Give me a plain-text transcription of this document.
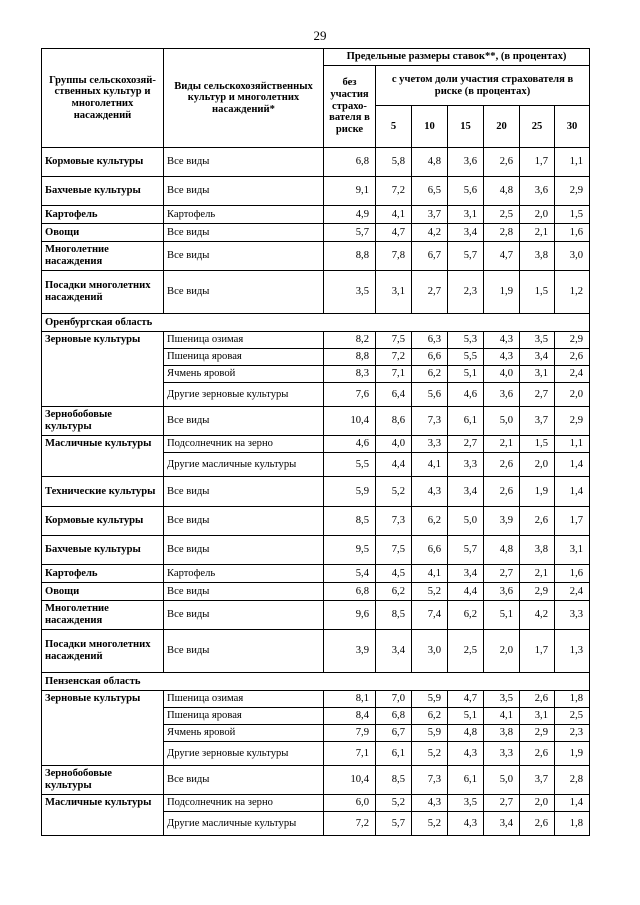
29
Группы сельскохозяй-ственных культур и многолетних насаждений	Виды сельскохозяйственных культур и многолетних насаждений*	Предельные размеры ставок**, (в процентах)						
		без участия страхо-вателя в риске	с учетом доли участия страхователя в риске (в процентах)					
			5	10	15	20	25	30
Кормовые культуры	Все виды	6,8	5,8	4,8	3,6	2,6	1,7	1,1
Бахчевые культуры	Все виды	9,1	7,2	6,5	5,6	4,8	3,6	2,9
Картофель	Картофель	4,9	4,1	3,7	3,1	2,5	2,0	1,5
Овощи	Все виды	5,7	4,7	4,2	3,4	2,8	2,1	1,6
Многолетние насаждения	Все виды	8,8	7,8	6,7	5,7	4,7	3,8	3,0
Посадки многолетних насаждений	Все виды	3,5	3,1	2,7	2,3	1,9	1,5	1,2
Оренбургская область								
Зерновые культуры	Пшеница озимая	8,2	7,5	6,3	5,3	4,3	3,5	2,9
	Пшеница яровая	8,8	7,2	6,6	5,5	4,3	3,4	2,6
	Ячмень яровой	8,3	7,1	6,2	5,1	4,0	3,1	2,4
	Другие зерновые культуры	7,6	6,4	5,6	4,6	3,6	2,7	2,0
Зернобобовые культуры	Все виды	10,4	8,6	7,3	6,1	5,0	3,7	2,9
Масличные культуры	Подсолнечник на зерно	4,6	4,0	3,3	2,7	2,1	1,5	1,1
	Другие масличные культуры	5,5	4,4	4,1	3,3	2,6	2,0	1,4
Технические культуры	Все виды	5,9	5,2	4,3	3,4	2,6	1,9	1,4
Кормовые культуры	Все виды	8,5	7,3	6,2	5,0	3,9	2,6	1,7
Бахчевые культуры	Все виды	9,5	7,5	6,6	5,7	4,8	3,8	3,1
Картофель	Картофель	5,4	4,5	4,1	3,4	2,7	2,1	1,6
Овощи	Все виды	6,8	6,2	5,2	4,4	3,6	2,9	2,4
Многолетние насаждения	Все виды	9,6	8,5	7,4	6,2	5,1	4,2	3,3
Посадки многолетних насаждений	Все виды	3,9	3,4	3,0	2,5	2,0	1,7	1,3
Пензенская область								
Зерновые культуры	Пшеница озимая	8,1	7,0	5,9	4,7	3,5	2,6	1,8
	Пшеница яровая	8,4	6,8	6,2	5,1	4,1	3,1	2,5
	Ячмень яровой	7,9	6,7	5,9	4,8	3,8	2,9	2,3
	Другие зерновые культуры	7,1	6,1	5,2	4,3	3,3	2,6	1,9
Зернобобовые культуры	Все виды	10,4	8,5	7,3	6,1	5,0	3,7	2,8
Масличные культуры	Подсолнечник на зерно	6,0	5,2	4,3	3,5	2,7	2,0	1,4
	Другие масличные культуры	7,2	5,7	5,2	4,3	3,4	2,6	1,8
